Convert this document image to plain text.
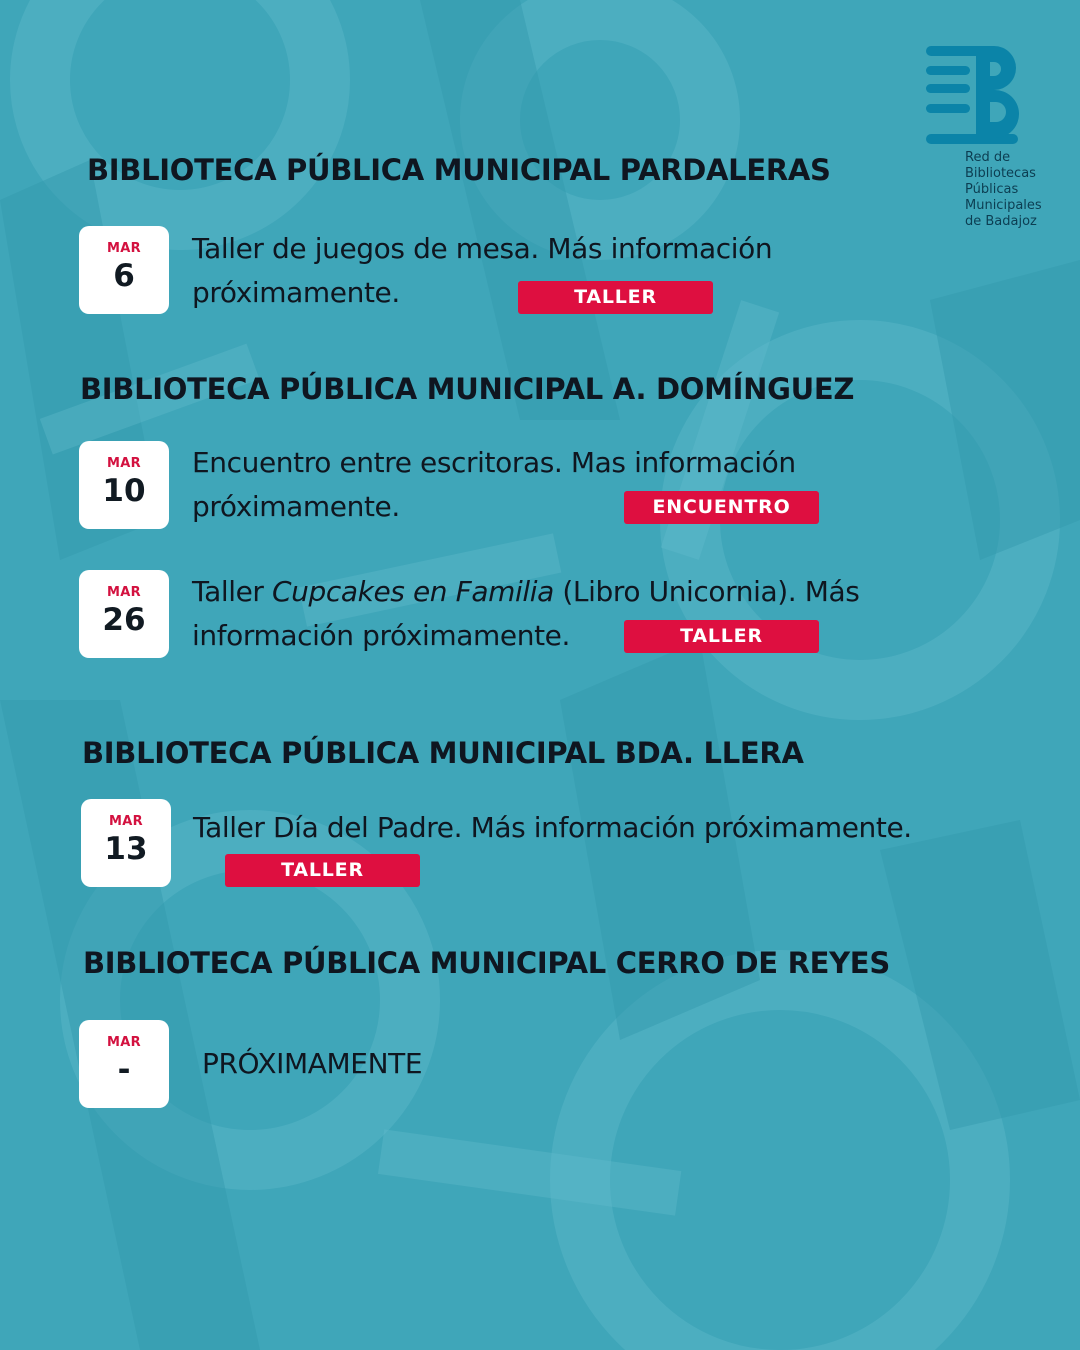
Red de
Bibliotecas
Públicas
Municipales
de Badajoz

BIBLIOTECA PÚBLICA MUNICIPAL PARDALERAS
MAR
6

Taller de juegos de mesa. Más información
próximamente.	TALLER
BIBLIOTECA PÚBLICA MUNICIPAL A. DOMÍNGUEZ
MAR
10

Encuentro entre escritoras. Mas información
próximamente.	ENCUENTRO
MAR
26

Taller Cupcakes en Familia (Libro Unicornia). Más
información próximamente.	TALLER
BIBLIOTECA PÚBLICA MUNICIPAL BDA. LLERA
MAR
13

Taller Día del Padre. Más información próximamente.

TALLER
BIBLIOTECA PÚBLICA MUNICIPAL CERRO DE REYES
MAR
-	PRÓXIMAMENTE
